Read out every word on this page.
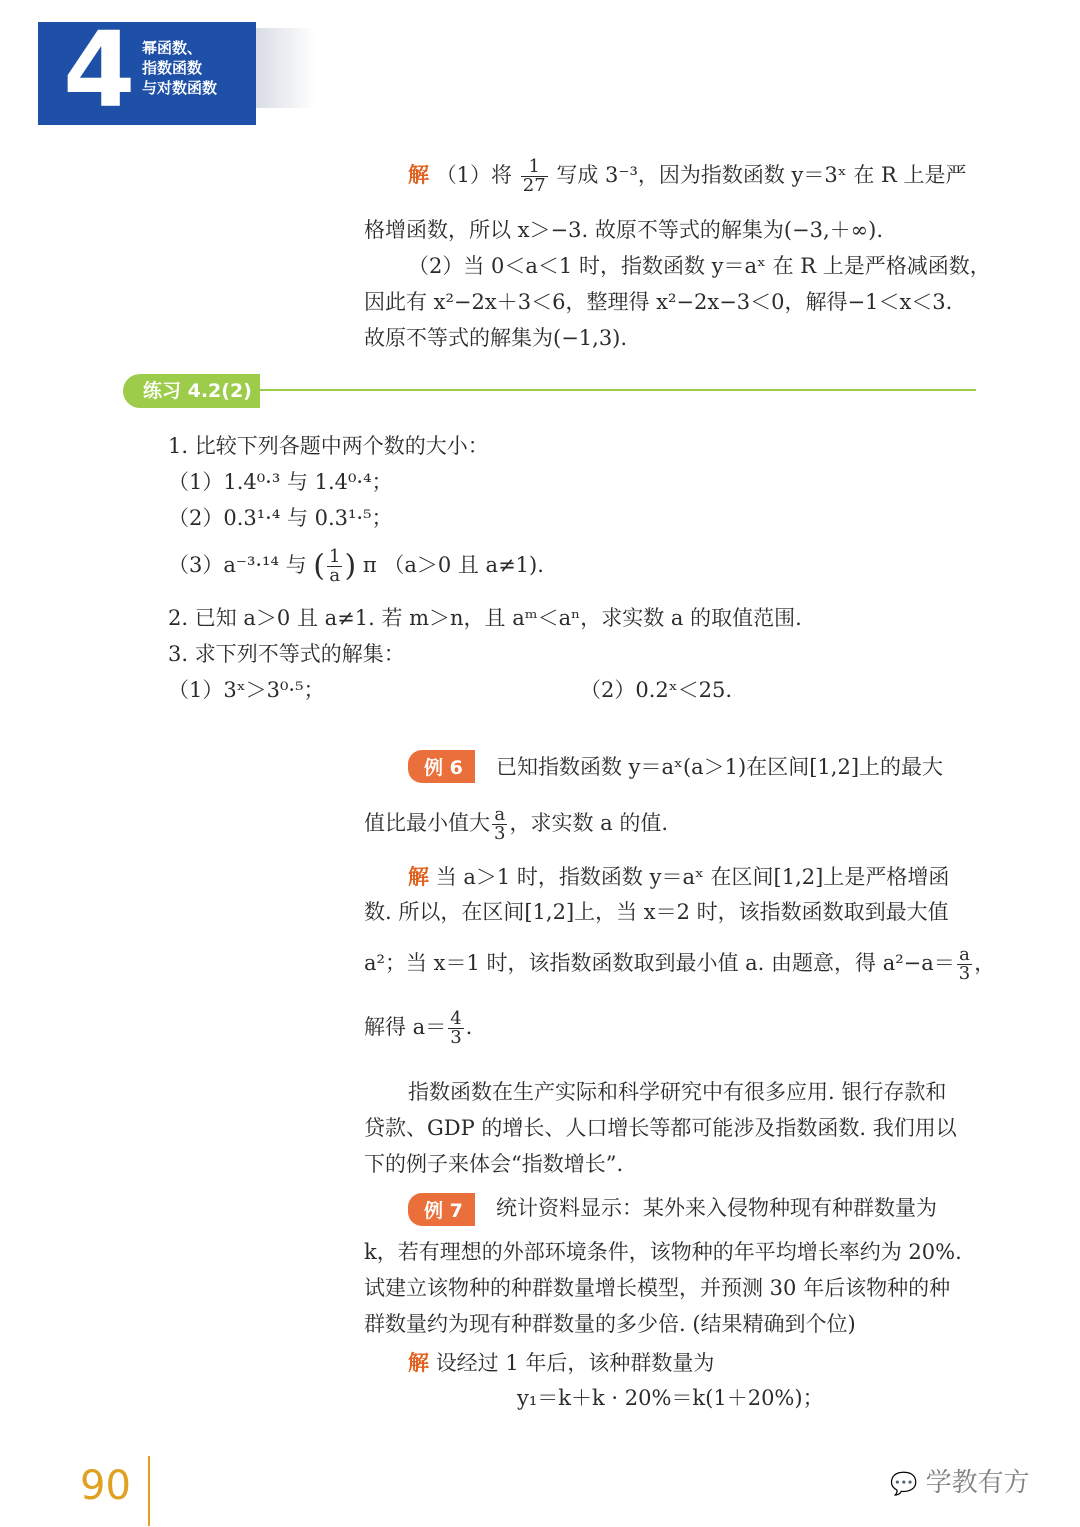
4 幂函数、
指数函数
与对数函数
解 （1）将 $\frac{1}{27}$ 写成 3⁻³，因为指数函数 y＝3ˣ 在 R 上是严
格增函数，所以 x＞−3. 故原不等式的解集为(−3,＋∞).
（2）当 0＜a＜1 时，指数函数 y＝aˣ 在 R 上是严格减函数，
因此有 x²−2x＋3＜6，整理得 x²−2x−3＜0，解得−1＜x＜3.
故原不等式的解集为(−1,3).
练习 4.2(2)
1. 比较下列各题中两个数的大小：
（1）1.4⁰·³ 与 1.4⁰·⁴；
（2）0.3¹·⁴ 与 0.3¹·⁵；
（3）a⁻³·¹⁴ 与 ( $\frac{1}{a}$ ) π （a＞0 且 a≠1).
2. 已知 a＞0 且 a≠1. 若 m＞n，且 aᵐ＜aⁿ，求实数 a 的取值范围.
3. 求下列不等式的解集：
（1）3ˣ＞3⁰·⁵；	（2）0.2ˣ＜25.
例 6	已知指数函数 y＝aˣ(a＞1)在区间[1,2]上的最大
值比最小值大 $\frac{a}{3}$ ，求实数 a 的值.
解 当 a＞1 时，指数函数 y＝aˣ 在区间[1,2]上是严格增函
数. 所以，在区间[1,2]上，当 x＝2 时，该指数函数取到最大值
a²；当 x＝1 时，该指数函数取到最小值 a. 由题意，得 $a^2-a= \frac{a}{3}$ ，
解得 $a= \frac{4}{3}$ .
指数函数在生产实际和科学研究中有很多应用. 银行存款和
贷款、GDP 的增长、人口增长等都可能涉及指数函数. 我们用以
下的例子来体会“指数增长”.
例 7	统计资料显示：某外来入侵物种现有种群数量为
k，若有理想的外部环境条件，该物种的年平均增长率约为 20%.
试建立该物种的种群数量增长模型，并预测 30 年后该物种的种
群数量约为现有种群数量的多少倍. (结果精确到个位)
解 设经过 1 年后，该种群数量为
y₁＝k＋k · 20%＝k(1＋20%)；
90	💬 学教有方
